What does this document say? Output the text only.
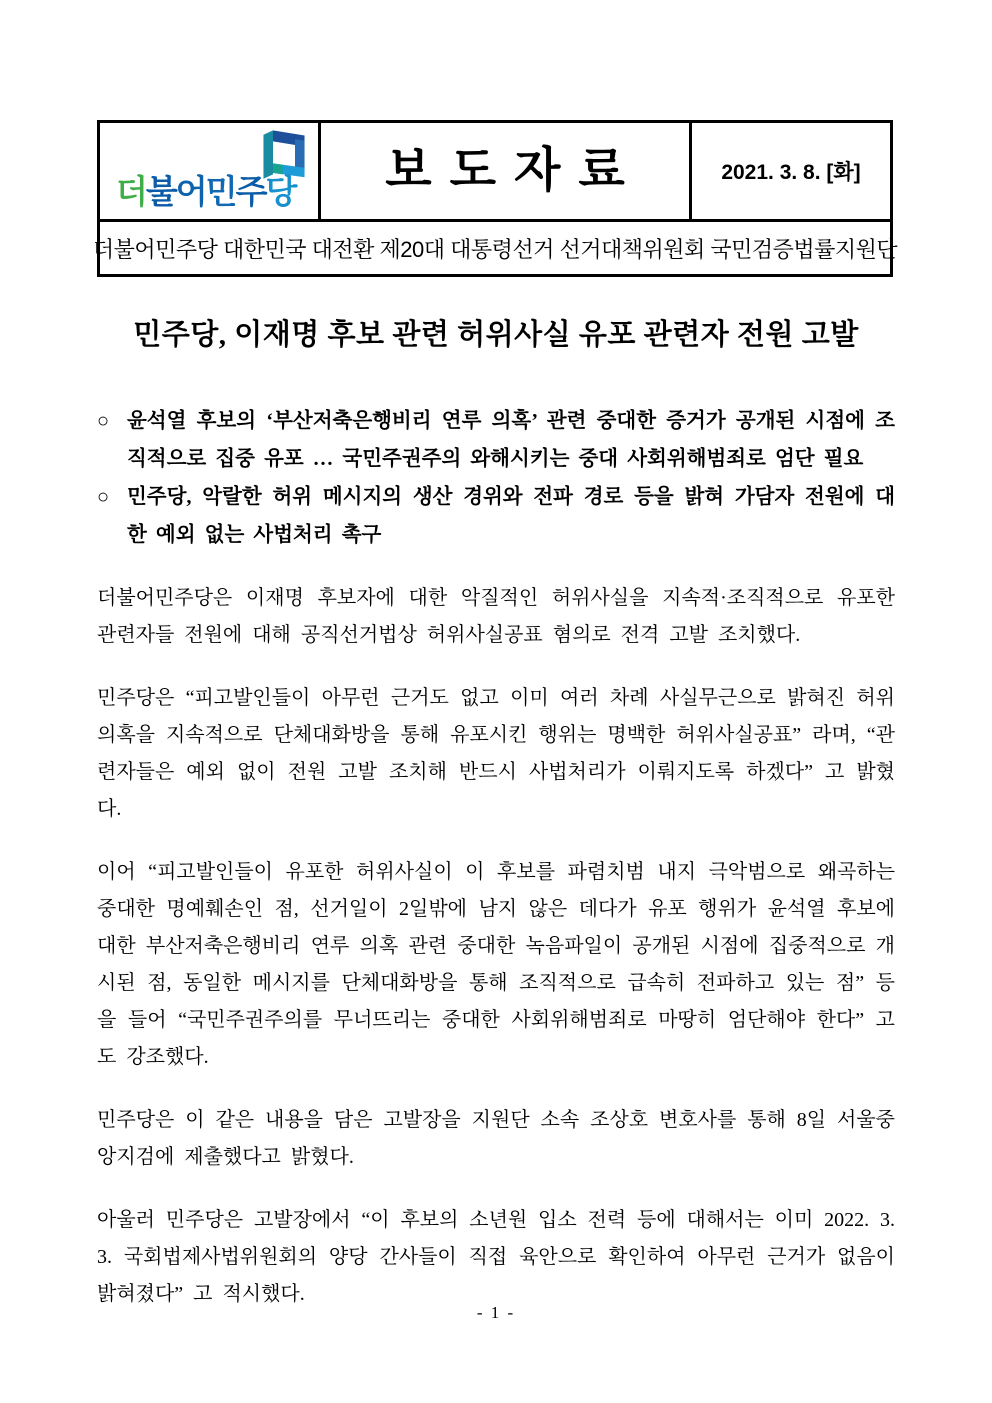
더불어민주당 보도자료	2021. 3. 8. [화]
더불어민주당 대한민국 대전환 제20대 대통령선거 선거대책위원회 국민검증법률지원단
민주당, 이재명 후보 관련 허위사실 유포 관련자 전원 고발
○ 윤석열 후보의 ‘부산저축은행비리 연루 의혹’ 관련 중대한 증거가 공개된 시점에 조직적으로 집중 유포 … 국민주권주의 와해시키는 중대 사회위해범죄로 엄단 필요
○ 민주당, 악랄한 허위 메시지의 생산 경위와 전파 경로 등을 밝혀 가담자 전원에 대한 예외 없는 사법처리 촉구

더불어민주당은 이재명 후보자에 대한 악질적인 허위사실을 지속적·조직적으로 유포한 관련자들 전원에 대해 공직선거법상 허위사실공표 혐의로 전격 고발 조치했다.

민주당은 “피고발인들이 아무런 근거도 없고 이미 여러 차례 사실무근으로 밝혀진 허위 의혹을 지속적으로 단체대화방을 통해 유포시킨 행위는 명백한 허위사실공표” 라며, “관련자들은 예외 없이 전원 고발 조치해 반드시 사법처리가 이뤄지도록 하겠다” 고 밝혔다.

이어 “피고발인들이 유포한 허위사실이 이 후보를 파렴치범 내지 극악범으로 왜곡하는 중대한 명예훼손인 점, 선거일이 2일밖에 남지 않은 데다가 유포 행위가 윤석열 후보에 대한 부산저축은행비리 연루 의혹 관련 중대한 녹음파일이 공개된 시점에 집중적으로 개시된 점, 동일한 메시지를 단체대화방을 통해 조직적으로 급속히 전파하고 있는 점” 등을 들어 “국민주권주의를 무너뜨리는 중대한 사회위해범죄로 마땅히 엄단해야 한다” 고도 강조했다.

민주당은 이 같은 내용을 담은 고발장을 지원단 소속 조상호 변호사를 통해 8일 서울중앙지검에 제출했다고 밝혔다.

아울러 민주당은 고발장에서 “이 후보의 소년원 입소 전력 등에 대해서는 이미 2022. 3. 3. 국회법제사법위원회의 양당 간사들이 직접 육안으로 확인하여 아무런 근거가 없음이 밝혀졌다” 고 적시했다.

- 1 -
